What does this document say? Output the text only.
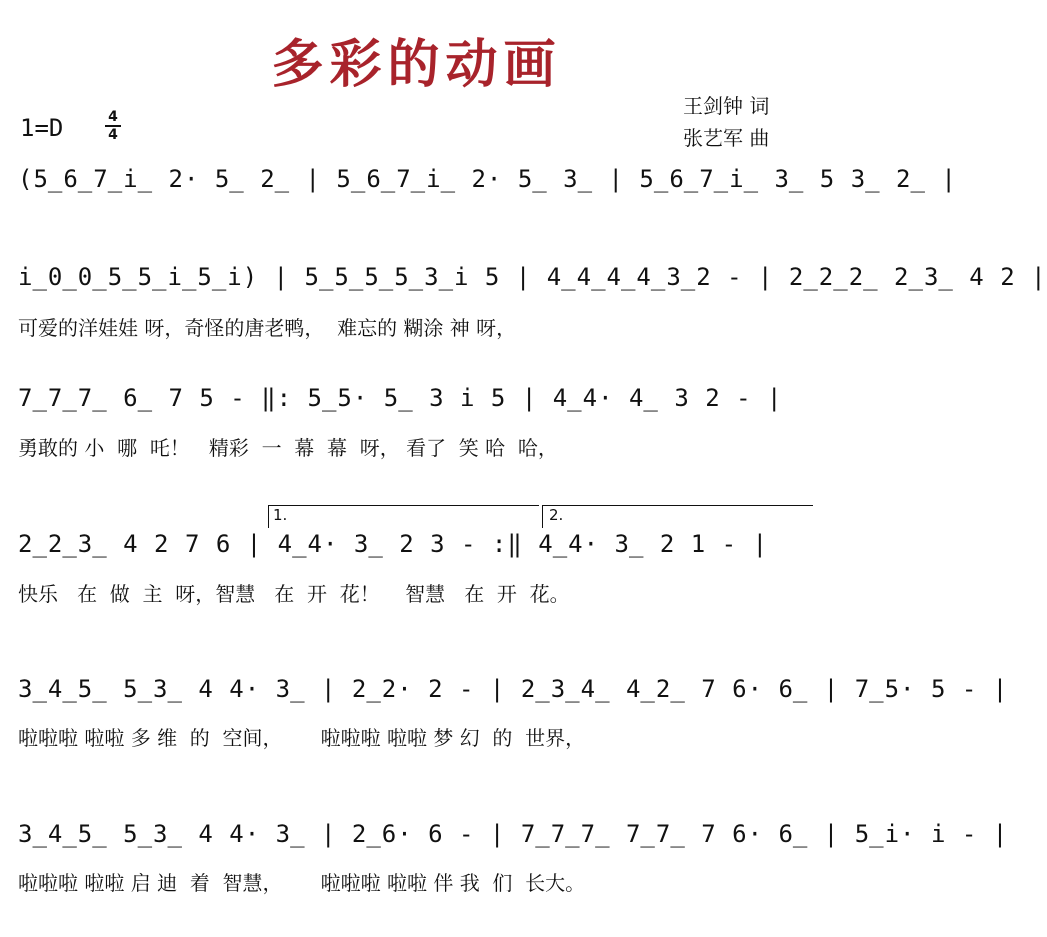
多彩的动画
1=D	4
4
王剑钟 词
张艺军 曲
(5̲6̲7̲i̲ 2· 5̲ 2̲ | 5̲6̲7̲i̲ 2· 5̲ 3̲ | 5̲6̲7̲i̲ 3̲ 5 3̲ 2̲ |
i̲0̲0̲5̲5̲i̲5̲i) | 5̲5̲5̲5̲3̲i 5 | 4̲4̲4̲4̲3̲2 - | 2̲2̲2̲ 2̲3̲ 4 2 |
可爱的洋娃娃 呀，奇怪的唐老鸭，  难忘的 糊涂 神 呀，
7̲7̲7̲ 6̲ 7 5 - ‖: 5̲5· 5̲ 3 i 5 | 4̲4· 4̲ 3 2 - |
勇敢的 小  哪  吒！   精彩  一  幕  幕  呀， 看了  笑 哈  哈，
1.	2.
2̲2̲3̲ 4 2 7 6 | 4̲4· 3̲ 2 3 - :‖ 4̲4· 3̲ 2 1 - |
快乐   在  做  主  呀，智慧   在  开  花！    智慧   在  开  花。
3̲4̲5̲ 5̲3̲ 4 4· 3̲ | 2̲2· 2 - | 2̲3̲4̲ 4̲2̲ 7 6· 6̲ | 7̲5· 5 - |
啦啦啦 啦啦 多 维  的  空间，      啦啦啦 啦啦 梦 幻  的  世界，
3̲4̲5̲ 5̲3̲ 4 4· 3̲ | 2̲6· 6 - | 7̲7̲7̲ 7̲7̲ 7 6· 6̲ | 5̲i· i - |
啦啦啦 啦啦 启 迪  着  智慧，      啦啦啦 啦啦 伴 我  们  长大。
